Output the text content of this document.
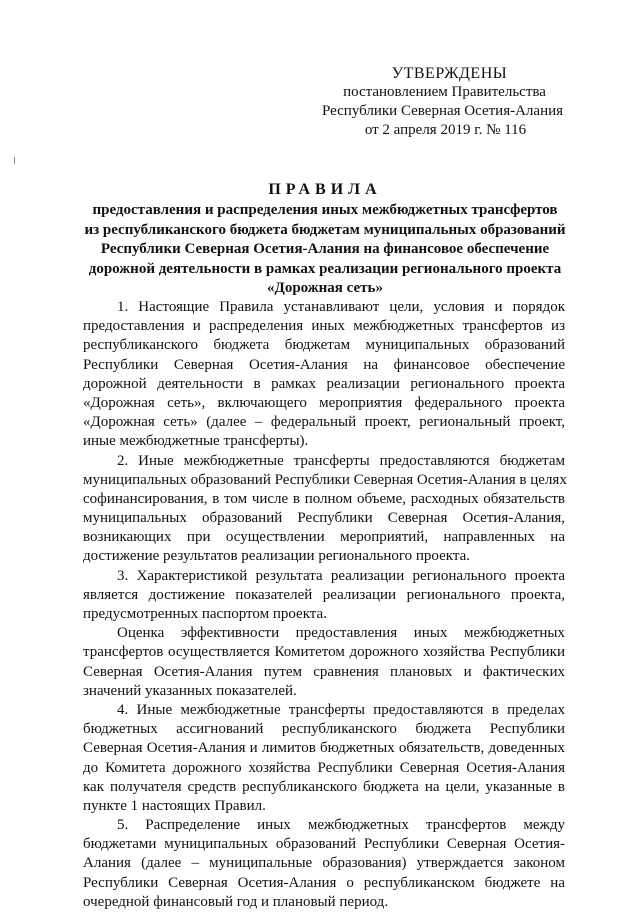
УТВЕРЖДЕНЫ
постановлением Правительства
Республики Северная Осетия-Алания
от 2 апреля 2019 г. № 116
ПРАВИЛА
предоставления и распределения иных межбюджетных трансфертов
из республиканского бюджета бюджетам муниципальных образований
Республики Северная Осетия-Алания на финансовое обеспечение
дорожной деятельности в рамках реализации регионального проекта
«Дорожная сеть»
1. Настоящие Правила устанавливают цели, условия и порядок
предоставления и распределения иных межбюджетных трансфертов из
республиканского бюджета бюджетам муниципальных образований
Республики Северная Осетия-Алания на финансовое обеспечение
дорожной деятельности в рамках реализации регионального проекта
«Дорожная сеть», включающего мероприятия федерального проекта
«Дорожная сеть» (далее – федеральный проект, региональный проект,
иные межбюджетные трансферты).
2. Иные межбюджетные трансферты предоставляются бюджетам
муниципальных образований Республики Северная Осетия-Алания в целях
софинансирования, в том числе в полном объеме, расходных обязательств
муниципальных образований Республики Северная Осетия-Алания,
возникающих при осуществлении мероприятий, направленных на
достижение результатов реализации регионального проекта.
3. Характеристикой результата реализации регионального проекта
является достижение показателей реализации регионального проекта,
предусмотренных паспортом проекта.
Оценка эффективности предоставления иных межбюджетных
трансфертов осуществляется Комитетом дорожного хозяйства Республики
Северная Осетия-Алания путем сравнения плановых и фактических
значений указанных показателей.
4. Иные межбюджетные трансферты предоставляются в пределах
бюджетных ассигнований республиканского бюджета Республики
Северная Осетия-Алания и лимитов бюджетных обязательств, доведенных
до Комитета дорожного хозяйства Республики Северная Осетия-Алания
как получателя средств республиканского бюджета на цели, указанные в
пункте 1 настоящих Правил.
5. Распределение иных межбюджетных трансфертов между
бюджетами муниципальных образований Республики Северная Осетия-
Алания (далее – муниципальные образования) утверждается законом
Республики Северная Осетия-Алания о республиканском бюджете на
очередной финансовый год и плановый период.
